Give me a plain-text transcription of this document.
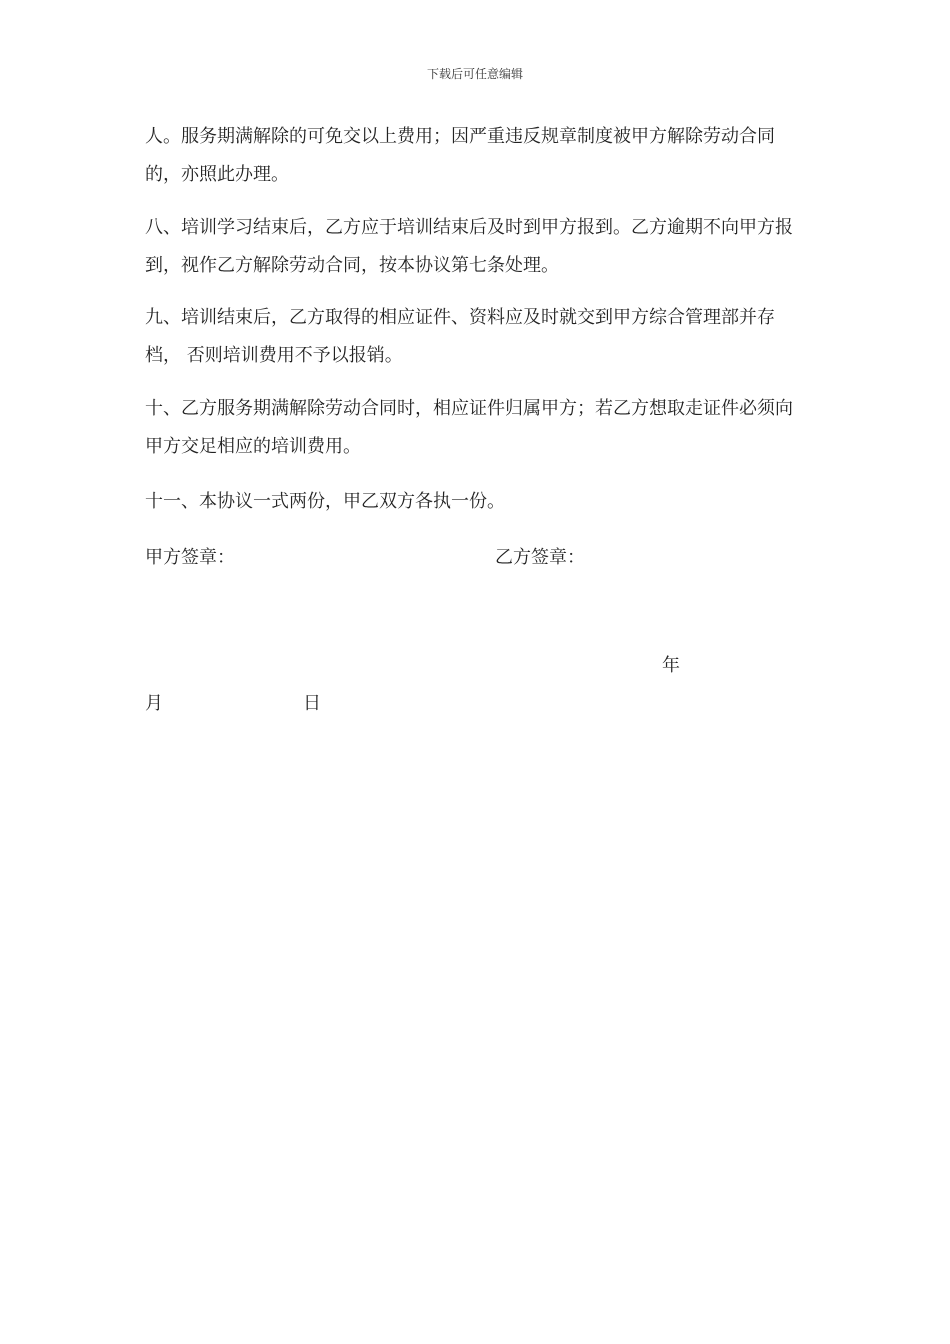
下载后可任意编辑

人。服务期满解除的可免交以上费用；因严重违反规章制度被甲方解除劳动合同的，亦照此办理。

八、培训学习结束后，乙方应于培训结束后及时到甲方报到。乙方逾期不向甲方报到，视作乙方解除劳动合同，按本协议第七条处理。

九、培训结束后，乙方取得的相应证件、资料应及时就交到甲方综合管理部并存档， 否则培训费用不予以报销。

十、乙方服务期满解除劳动合同时，相应证件归属甲方；若乙方想取走证件必须向甲方交足相应的培训费用。

十一、本协议一式两份，甲乙双方各执一份。

甲方签章：	乙方签章：
年
月	日
